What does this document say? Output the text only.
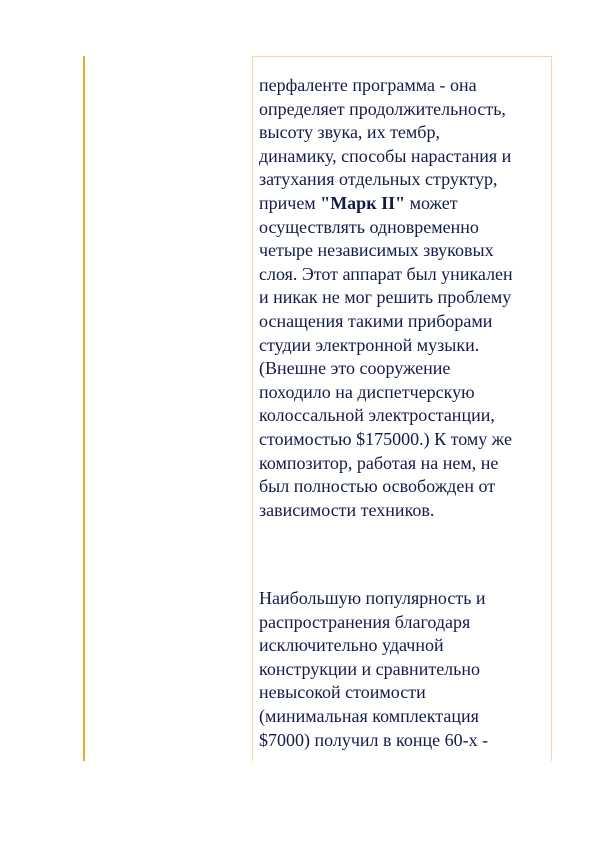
перфаленте программа - она
определяет продолжительность,
высоту звука, их тембр,
динамику, способы нарастания и
затухания отдельных структур,
причем "Марк II" может
осуществлять одновременно
четыре независимых звуковых
слоя. Этот аппарат был уникален
и никак не мог решить проблему
оснащения такими приборами
студии электронной музыки.
(Внешне это сооружение
походило на диспетчерскую
колоссальной электростанции,
стоимостью $175000.) К тому же
композитор, работая на нем, не
был полностью освобожден от
зависимости техников.

Наибольшую популярность и
распространения благодаря
исключительно удачной
конструкции и сравнительно
невысокой стоимости
(минимальная комплектация
$7000) получил в конце 60-х -
